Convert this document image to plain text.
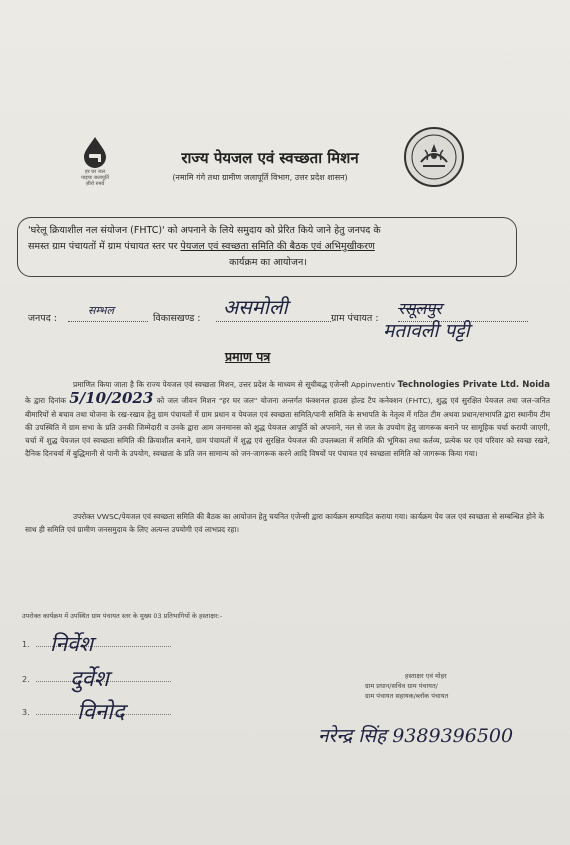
हर घर जल
पाइप्ड जलापूर्ति
ज़ीरो रुपये
राज्य पेयजल एवं स्वच्छता मिशन
(नमामि गंगे तथा ग्रामीण जलापूर्ति विभाग, उत्तर प्रदेश शासन)
'घरेलू क्रियाशील नल संयोजन (FHTC)' को अपनाने के लिये समुदाय को प्रेरित किये जाने हेतु जनपद के
समस्त ग्राम पंचायतों में ग्राम पंचायत स्तर पर पेयजल एवं स्वच्छता समिति की बैठक एवं अभिमुखीकरण
कार्यक्रम का आयोजन।
जनपद :
सम्भल
विकासखण्ड : असमोली	ग्राम पंचायत :
रसूलपुर
मतावली पट्टी
प्रमाण पत्र
प्रमाणित किया जाता है कि राज्य पेयजल एवं स्वच्छता मिशन, उत्तर प्रदेश के माध्यम से सूचीबद्ध एजेन्सी Appinventiv Technologies Private Ltd. Noida के द्वारा दिनांक 5/10/2023 को जल जीवन मिशन "हर घर जल" योजना अन्तर्गत फंक्शनल हाउस होल्ड टैप कनेक्शन (FHTC), शुद्ध एवं सुरक्षित पेयजल तथा जल-जनित बीमारियों से बचाव तथा योजना के रख-रखाव हेतु ग्राम पंचायतों में ग्राम प्रधान व पेयजल एवं स्वच्छता समिति/पानी समिति के सभापति के नेतृत्व में गठित टीम अथवा प्रधान/सभापति द्वारा स्थानीय टीम की उपस्थिति में ग्राम सभा के प्रति उनकी जिम्मेदारी व उनके द्वारा आम जनमानस को शुद्ध पेयजल आपूर्ति को अपनाने, नल से जल के उपयोग हेतु जागरूक बनाने पर सामूहिक चर्चा करायी जाएगी, चर्चा में शुद्ध पेयजल एवं स्वच्छता समिति की क्रियाशील बनाने, ग्राम पंचायतों में शुद्ध एवं सुरक्षित पेयजल की उपलब्धता में समिति की भूमिका तथा कर्तव्य, प्रत्येक घर एवं परिवार को स्वच्छ रखने, दैनिक दिनचर्या में बुद्धिमानी से पानी के उपयोग, स्वच्छता के प्रति जन सामान्य को जन-जागरूक करने आदि विषयों पर पंचायत एवं स्वच्छता समिति को जागरूक किया गया।
उपरोक्त VWSC/पेयजल एवं स्वच्छता समिति की बैठक का आयोजन हेतु चयनित एजेन्सी द्वारा कार्यक्रम सम्पादित कराया गया। कार्यक्रम पेय जल एवं स्वच्छता से सम्बन्धित होने के साथ ही समिति एवं ग्रामीण जनसमुदाय के लिए अत्यन्त उपयोगी एवं लाभप्रद रहा।
उपरोक्त कार्यक्रम में उपस्थित ग्राम पंचायत स्तर के मुख्य 03 प्रतिभागियों के हस्ताक्षर:-
1. निर्वेश
2. दुर्वेश
3. विनोद
हस्ताक्षर एवं मोहर
ग्राम प्रधान/सचिव ग्राम पंचायत/
ग्राम पंचायत सहायक/ब्लॉक पंचायत
नरेन्द्र सिंह 9389396500
